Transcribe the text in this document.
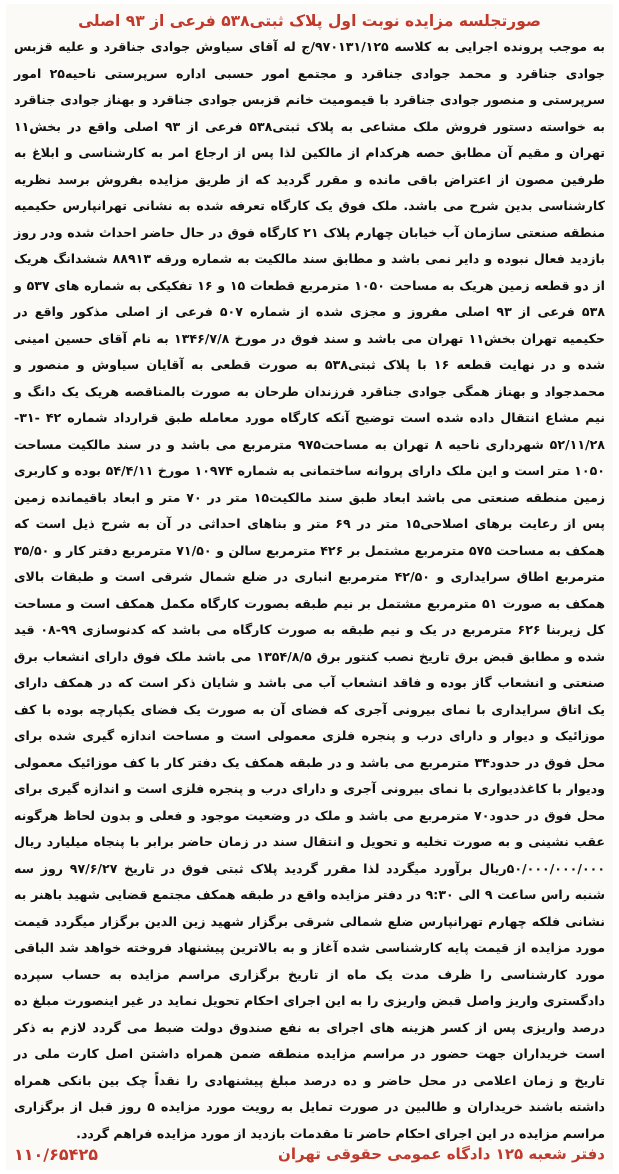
صورتجلسه مزایده نوبت اول پلاک ثبتی۵۳۸ فرعی از ۹۳ اصلی

به موجب پرونده اجرایی به کلاسه ۹۷۰۱۳۱/۱۲۵/ج له آقای سیاوش جوادی جناقرد و علیه قزبس جوادی جناقرد و محمد جوادی جناقرد و مجتمع امور حسبی اداره سرپرستی ناحیه۲۵ امور سرپرستی و منصور جوادی جناقرد با قیمومیت خانم قزبس جوادی جناقرد و بهناز جوادی جناقرد به خواسته دستور فروش ملک مشاعی به پلاک ثبتی۵۳۸ فرعی از ۹۳ اصلی واقع در بخش۱۱ تهران و مقیم آن مطابق حصه هرکدام از مالکین لذا پس از ارجاع امر به کارشناسی و ابلاغ به طرفین مصون از اعتراض باقی مانده و مقرر گردید که از طریق مزایده بفروش برسد نظریه کارشناسی بدین شرح می باشد. ملک فوق یک کارگاه تعرفه شده به نشانی تهرانپارس حکیمیه منطقه صنعتی سازمان آب خیابان چهارم پلاک ۲۱ کارگاه فوق در حال حاضر احداث شده ودر روز بازدید فعال نبوده و دایر نمی باشد و مطابق سند مالکیت به شماره ورقه ۸۸۹۱۳ ششدانگ هریک از دو قطعه زمین هریک به مساحت ۱۰۵۰ مترمربع قطعات ۱۵ و ۱۶ تفکیکی به شماره های ۵۳۷ و ۵۳۸ فرعی از ۹۳ اصلی مفروز و مجزی شده از شماره ۵۰۷ فرعی از اصلی مذکور واقع در حکیمیه تهران بخش۱۱ تهران می باشد و سند فوق در مورخ ۱۳۴۶/۷/۸ به نام آقای حسین امینی شده و در نهایت قطعه ۱۶ با پلاک ثبتی۵۳۸ به صورت قطعی به آقایان سیاوش و منصور و محمدجواد و بهناز همگی جوادی جناقرد فرزندان طرحان به صورت بالمناقصه هریک یک دانگ و نیم مشاع انتقال داده شده است توضیح آنکه کارگاه مورد معامله طبق قرارداد شماره ۴۲ -۳۱- ۵۲/۱۱/۲۸ شهرداری ناحیه ۸ تهران به مساحت۹۷۵ مترمربع می باشد و در سند مالکیت مساحت ۱۰۵۰ متر است و این ملک دارای پروانه ساختمانی به شماره ۱۰۹۷۴ مورخ ۵۴/۴/۱۱ بوده و کاربری زمین منطقه صنعتی می باشد ابعاد طبق سند مالکیت۱۵ متر در ۷۰ متر و ابعاد باقیمانده زمین پس از رعایت برهای اصلاحی۱۵ متر در ۶۹ متر و بناهای احداثی در آن به شرح ذیل است که همکف به مساحت ۵۷۵ مترمربع مشتمل بر ۴۲۶ مترمربع سالن و ۷۱/۵۰ مترمربع دفتر کار و ۳۵/۵۰ مترمربع اطاق سرایداری و ۴۲/۵۰ مترمربع انباری در ضلع شمال شرقی است و طبقات بالای همکف به صورت ۵۱ مترمربع مشتمل بر نیم طبقه بصورت کارگاه مکمل همکف است و مساحت کل زیربنا ۶۲۶ مترمربع در یک و نیم طبقه به صورت کارگاه می باشد که کدنوسازی ۹۹-۰۸ قید شده و مطابق قبض برق تاریخ نصب کنتور برق ۱۳۵۴/۸/۵ می باشد ملک فوق دارای انشعاب برق صنعتی و انشعاب گاز بوده و فاقد انشعاب آب می باشد و شایان ذکر است که در همکف دارای یک اتاق سرایداری با نمای بیرونی آجری که فضای آن به صورت یک فضای یکپارچه بوده با کف موزائیک و دیوار و دارای درب و پنجره فلزی معمولی است و مساحت اندازه گیری شده برای محل فوق در حدود۳۴ مترمربع می باشد و در طبقه همکف یک دفتر کار با کف موزائیک معمولی ودیوار با کاغذدیواری با نمای بیرونی آجری و دارای درب و پنجره فلزی است و اندازه گیری برای محل فوق در حدود۷۰ مترمربع می باشد و ملک در وضعیت موجود و فعلی و بدون لحاظ هرگونه عقب نشینی و به صورت تخلیه و تحویل و انتقال سند در زمان حاضر برابر با پنجاه میلیارد ریال ۵۰/۰۰۰/۰۰۰/۰۰۰ریال برآورد میگردد لذا مقرر گردید پلاک ثبتی فوق در تاریخ ۹۷/۶/۲۷ روز سه شنبه راس ساعت ۹ الی ۹:۳۰ در دفتر مزایده واقع در طبقه همکف مجتمع قضایی شهید باهنر به نشانی فلکه چهارم تهرانپارس ضلع شمالی شرقی برگزار شهید زین الدین برگزار میگردد قیمت مورد مزایده از قیمت پایه کارشناسی شده آغاز و به بالاترین پیشنهاد فروخته خواهد شد الباقی مورد کارشناسی را ظرف مدت یک ماه از تاریخ برگزاری مراسم مزایده به حساب سپرده دادگستری واریز واصل قبض واریزی را به این اجرای احکام تحویل نماید در غیر اینصورت مبلغ ده درصد واریزی پس از کسر هزینه های اجرای به نفع صندوق دولت ضبط می گردد لازم به ذکر است خریداران جهت حضور در مراسم مزایده منطقه ضمن همراه داشتن اصل کارت ملی در تاریخ و زمان اعلامی در محل حاضر و ده درصد مبلغ پیشنهادی را نقداً چک بین بانکی همراه داشته باشند خریداران و طالبین در صورت تمایل به رویت مورد مزایده ۵ روز قبل از برگزاری مراسم مزایده در این اجرای احکام حاضر تا مقدمات بازدید از مورد مزایده فراهم گردد.

دفتر شعبه ۱۲۵ دادگاه عمومی حقوقی تهران
۱۱۰/۶۵۴۲۵
